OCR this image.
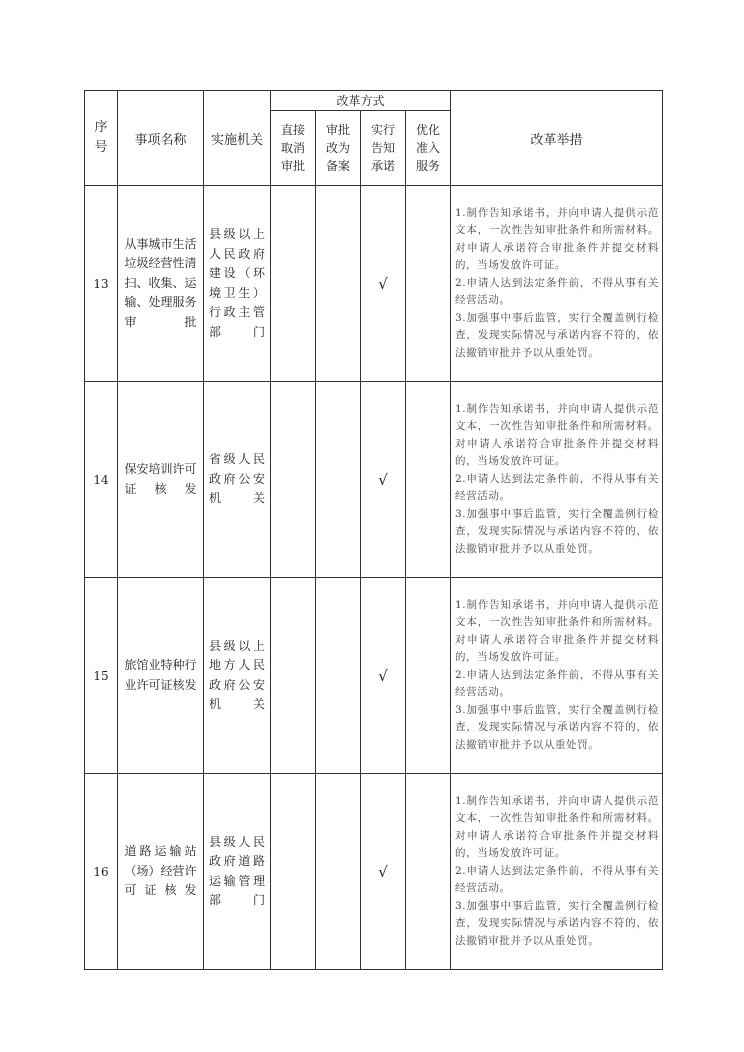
序号	事项名称	实施机关	改革方式				改革举措
			直接取消审批	审批改为备案	实行告知承诺	优化准入服务	
13	从事城市生活垃圾经营性清扫、收集、运输、处理服务审批	县级以上人民政府建设（环境卫生）行政主管部门			√		1.制作告知承诺书，并向申请人提供示范文本，一次性告知审批条件和所需材料。对申请人承诺符合审批条件并提交材料的，当场发放许可证。

2.申请人达到法定条件前，不得从事有关经营活动。

3.加强事中事后监管，实行全覆盖例行检查，发现实际情况与承诺内容不符的，依法撤销审批并予以从重处罚。

14	保安培训许可证核发	省级人民政府公安机关			√		1.制作告知承诺书，并向申请人提供示范文本，一次性告知审批条件和所需材料。对申请人承诺符合审批条件并提交材料的，当场发放许可证。

2.申请人达到法定条件前，不得从事有关经营活动。

3.加强事中事后监管，实行全覆盖例行检查，发现实际情况与承诺内容不符的，依法撤销审批并予以从重处罚。

15	旅馆业特种行业许可证核发	县级以上地方人民政府公安机关			√		1.制作告知承诺书，并向申请人提供示范文本，一次性告知审批条件和所需材料。对申请人承诺符合审批条件并提交材料的，当场发放许可证。

2.申请人达到法定条件前，不得从事有关经营活动。

3.加强事中事后监管，实行全覆盖例行检查，发现实际情况与承诺内容不符的，依法撤销审批并予以从重处罚。

16	道路运输站（场）经营许可证核发	县级人民政府道路运输管理部门			√		1.制作告知承诺书，并向申请人提供示范文本，一次性告知审批条件和所需材料。对申请人承诺符合审批条件并提交材料的，当场发放许可证。

2.申请人达到法定条件前，不得从事有关经营活动。

3.加强事中事后监管，实行全覆盖例行检查，发现实际情况与承诺内容不符的，依法撤销审批并予以从重处罚。
